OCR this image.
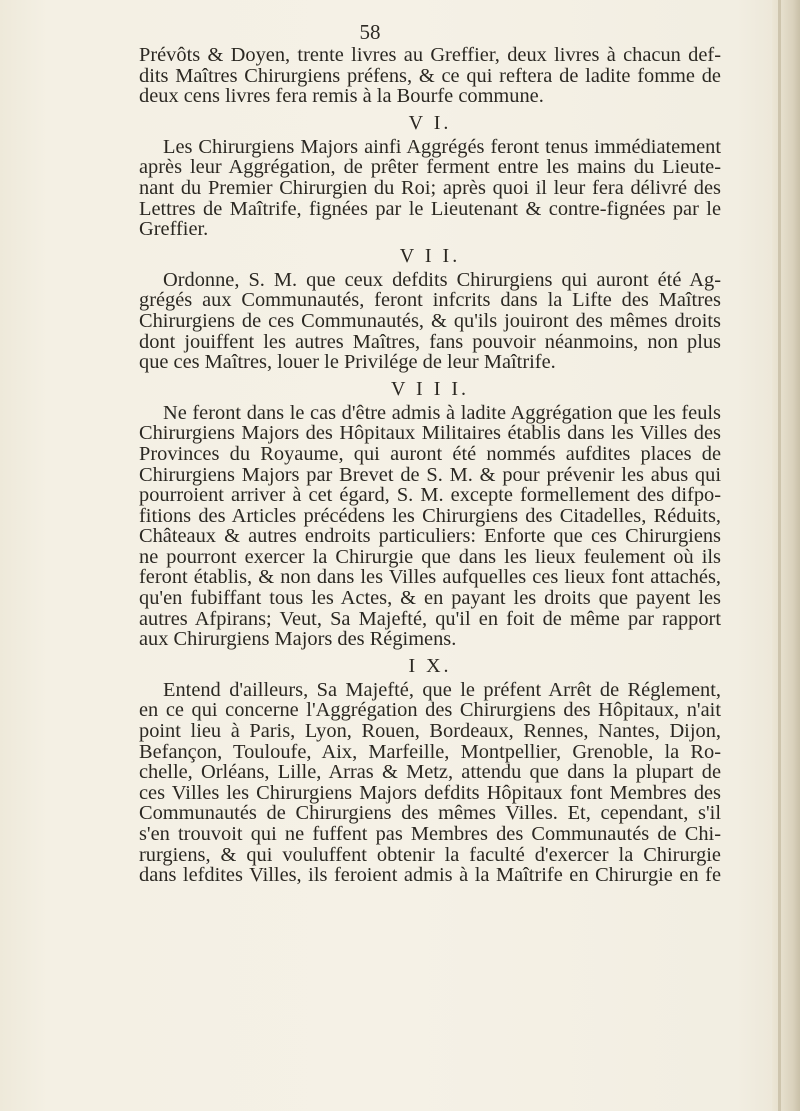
58

Prévôts & Doyen, trente livres au Greffier, deux livres à chacun def-
dits Maîtres Chirurgiens préfens, & ce qui reftera de ladite fomme de
deux cens livres fera remis à la Bourfe commune.

V I.

Les Chirurgiens Majors ainfi Aggrégés feront tenus immédiatement
après leur Aggrégation, de prêter ferment entre les mains du Lieute-
nant du Premier Chirurgien du Roi; après quoi il leur fera délivré des
Lettres de Maîtrife, fignées par le Lieutenant & contre-fignées par le
Greffier.

V I I.

Ordonne, S. M. que ceux defdits Chirurgiens qui auront été Ag-
grégés aux Communautés, feront infcrits dans la Lifte des Maîtres
Chirurgiens de ces Communautés, & qu'ils jouiront des mêmes droits
dont jouiffent les autres Maîtres, fans pouvoir néanmoins, non plus
que ces Maîtres, louer le Privilége de leur Maîtrife.

V I I I.

Ne feront dans le cas d'être admis à ladite Aggrégation que les feuls
Chirurgiens Majors des Hôpitaux Militaires établis dans les Villes des
Provinces du Royaume, qui auront été nommés aufdites places de
Chirurgiens Majors par Brevet de S. M. & pour prévenir les abus qui
pourroient arriver à cet égard, S. M. excepte formellement des difpo-
fitions des Articles précédens les Chirurgiens des Citadelles, Réduits,
Châteaux & autres endroits particuliers: Enforte que ces Chirurgiens
ne pourront exercer la Chirurgie que dans les lieux feulement où ils
feront établis, & non dans les Villes aufquelles ces lieux font attachés,
qu'en fubiffant tous les Actes, & en payant les droits que payent les
autres Afpirans; Veut, Sa Majefté, qu'il en foit de même par rapport
aux Chirurgiens Majors des Régimens.

I X.

Entend d'ailleurs, Sa Majefté, que le préfent Arrêt de Réglement,
en ce qui concerne l'Aggrégation des Chirurgiens des Hôpitaux, n'ait
point lieu à Paris, Lyon, Rouen, Bordeaux, Rennes, Nantes, Dijon,
Befançon, Touloufe, Aix, Marfeille, Montpellier, Grenoble, la Ro-
chelle, Orléans, Lille, Arras & Metz, attendu que dans la plupart de
ces Villes les Chirurgiens Majors defdits Hôpitaux font Membres des
Communautés de Chirurgiens des mêmes Villes. Et, cependant, s'il
s'en trouvoit qui ne fuffent pas Membres des Communautés de Chi-
rurgiens, & qui vouluffent obtenir la faculté d'exercer la Chirurgie
dans lefdites Villes, ils feroient admis à la Maîtrife en Chirurgie en fe
